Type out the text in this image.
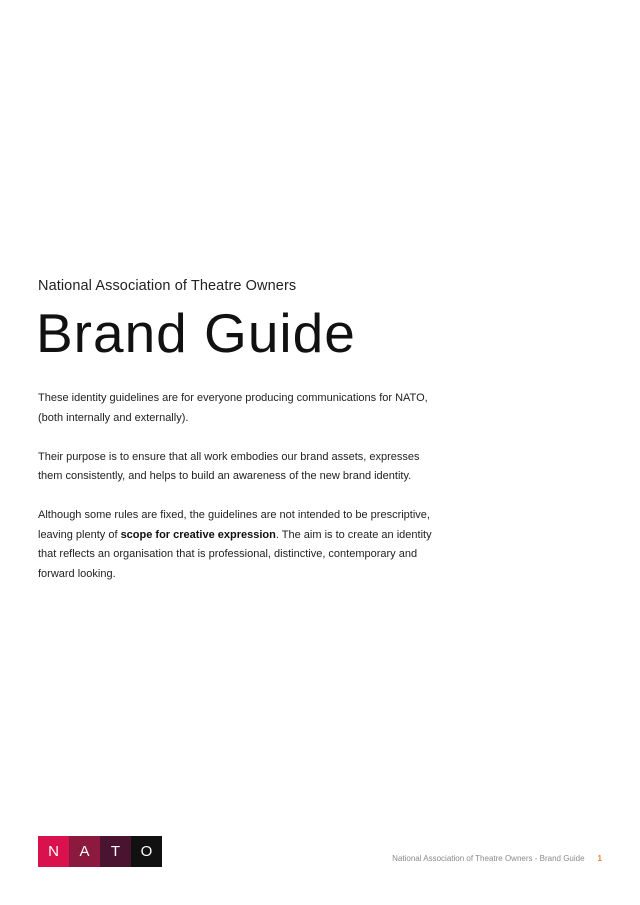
National Association of Theatre Owners
Brand Guide

These identity guidelines are for everyone producing communications for NATO, (both internally and externally).

Their purpose is to ensure that all work embodies our brand assets, expresses them consistently, and helps to build an awareness of the new brand identity.

Although some rules are fixed, the guidelines are not intended to be prescriptive, leaving plenty of scope for creative expression. The aim is to create an identity that reflects an organisation that is professional, distinctive, contemporary and forward looking.

N	A	T	O	National Association of Theatre Owners - Brand Guide 1
